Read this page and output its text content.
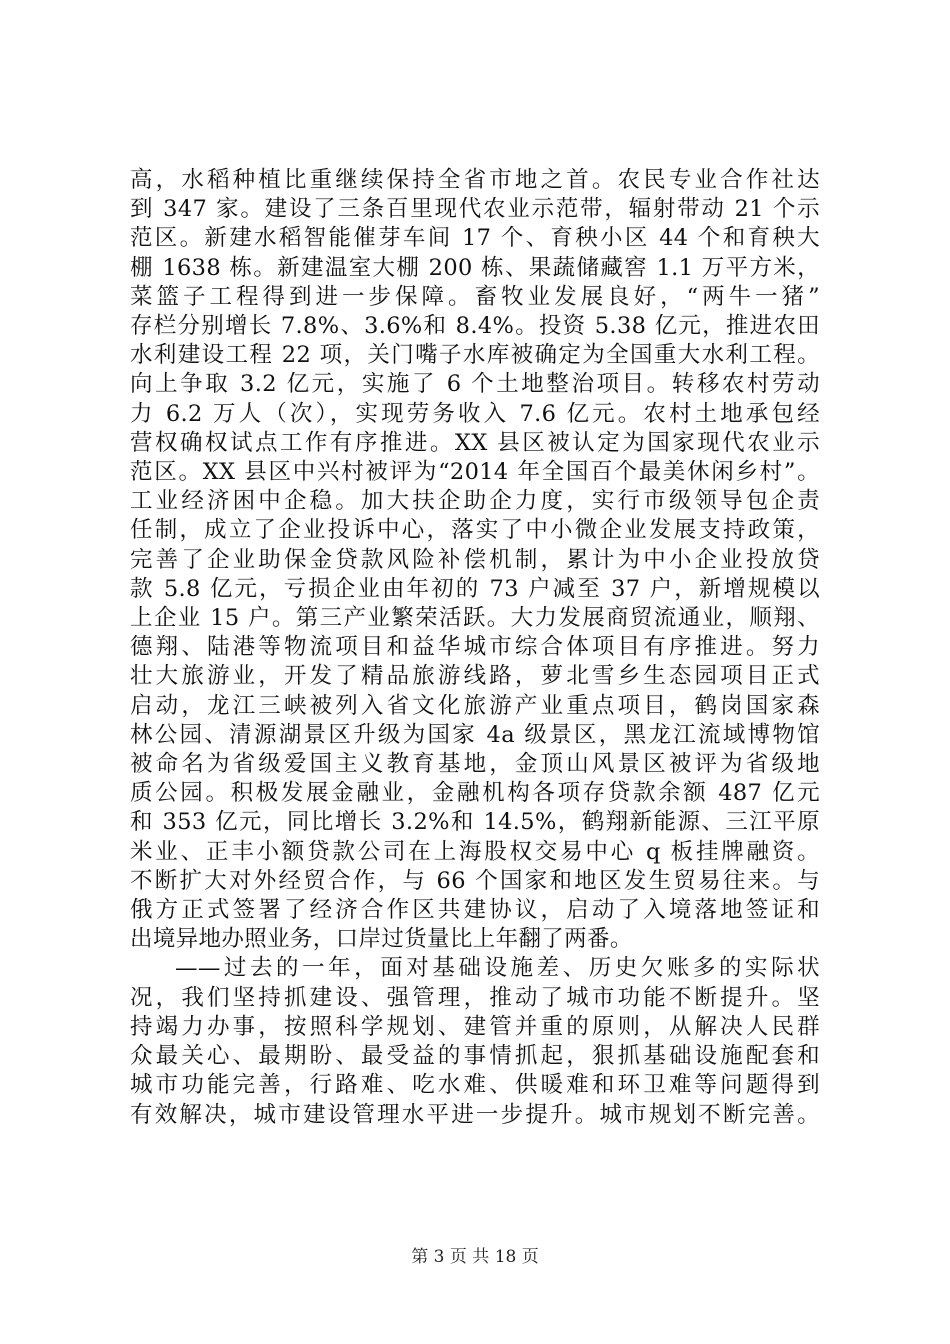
高，水稻种植比重继续保持全省市地之首。农民专业合作社达
到 347 家。建设了三条百里现代农业示范带，辐射带动 21 个示
范区。新建水稻智能催芽车间 17 个、育秧小区 44 个和育秧大
棚 1638 栋。新建温室大棚 200 栋、果蔬储藏窖 1.1 万平方米，
菜篮子工程得到进一步保障。畜牧业发展良好，“两牛一猪”
存栏分别增长 7.8%、3.6%和 8.4%。投资 5.38 亿元，推进农田
水利建设工程 22 项，关门嘴子水库被确定为全国重大水利工程。
向上争取 3.2 亿元，实施了 6 个土地整治项目。转移农村劳动
力 6.2 万人（次），实现劳务收入 7.6 亿元。农村土地承包经
营权确权试点工作有序推进。XX 县区被认定为国家现代农业示
范区。XX 县区中兴村被评为“2014 年全国百个最美休闲乡村”。
工业经济困中企稳。加大扶企助企力度，实行市级领导包企责
任制，成立了企业投诉中心，落实了中小微企业发展支持政策，
完善了企业助保金贷款风险补偿机制，累计为中小企业投放贷
款 5.8 亿元，亏损企业由年初的 73 户减至 37 户，新增规模以
上企业 15 户。第三产业繁荣活跃。大力发展商贸流通业，顺翔、
德翔、陆港等物流项目和益华城市综合体项目有序推进。努力
壮大旅游业，开发了精品旅游线路，萝北雪乡生态园项目正式
启动，龙江三峡被列入省文化旅游产业重点项目，鹤岗国家森
林公园、清源湖景区升级为国家 4a 级景区，黑龙江流域博物馆
被命名为省级爱国主义教育基地，金顶山风景区被评为省级地
质公园。积极发展金融业，金融机构各项存贷款余额 487 亿元
和 353 亿元，同比增长 3.2%和 14.5%，鹤翔新能源、三江平原
米业、正丰小额贷款公司在上海股权交易中心 q 板挂牌融资。
不断扩大对外经贸合作，与 66 个国家和地区发生贸易往来。与
俄方正式签署了经济合作区共建协议，启动了入境落地签证和
出境异地办照业务，口岸过货量比上年翻了两番。
——过去的一年，面对基础设施差、历史欠账多的实际状
况，我们坚持抓建设、强管理，推动了城市功能不断提升。坚
持竭力办事，按照科学规划、建管并重的原则，从解决人民群
众最关心、最期盼、最受益的事情抓起，狠抓基础设施配套和
城市功能完善，行路难、吃水难、供暖难和环卫难等问题得到
有效解决，城市建设管理水平进一步提升。城市规划不断完善。
第 3 页 共 18 页
